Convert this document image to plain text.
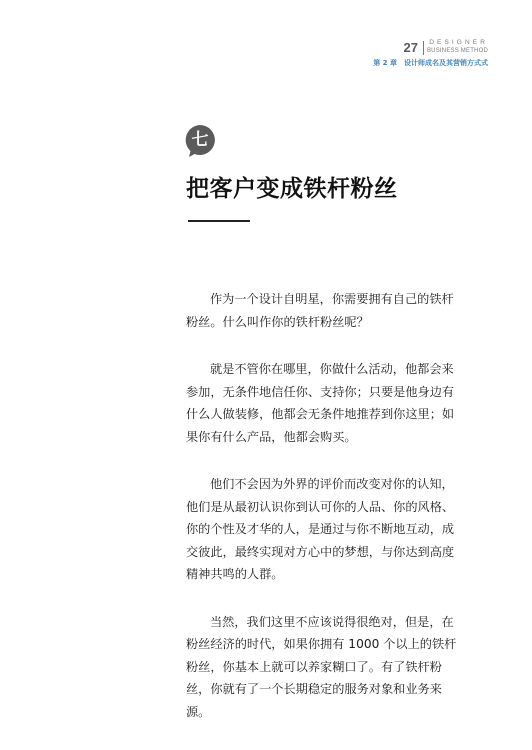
27 DESIGNER
BUSINESS METHOD
第 2 章　设计师成名及其营销方式式
七
把客户变成铁杆粉丝

作为一个设计自明星，你需要拥有自己的铁杆粉丝。什么叫作你的铁杆粉丝呢？

就是不管你在哪里，你做什么活动，他都会来参加，无条件地信任你、支持你；只要是他身边有什么人做装修，他都会无条件地推荐到你这里；如果你有什么产品，他都会购买。

他们不会因为外界的评价而改变对你的认知，他们是从最初认识你到认可你的人品、你的风格、你的个性及才华的人，是通过与你不断地互动，成交彼此，最终实现对方心中的梦想，与你达到高度精神共鸣的人群。

当然，我们这里不应该说得很绝对，但是，在粉丝经济的时代，如果你拥有 1000 个以上的铁杆粉丝，你基本上就可以养家糊口了。有了铁杆粉丝，你就有了一个长期稳定的服务对象和业务来源。
